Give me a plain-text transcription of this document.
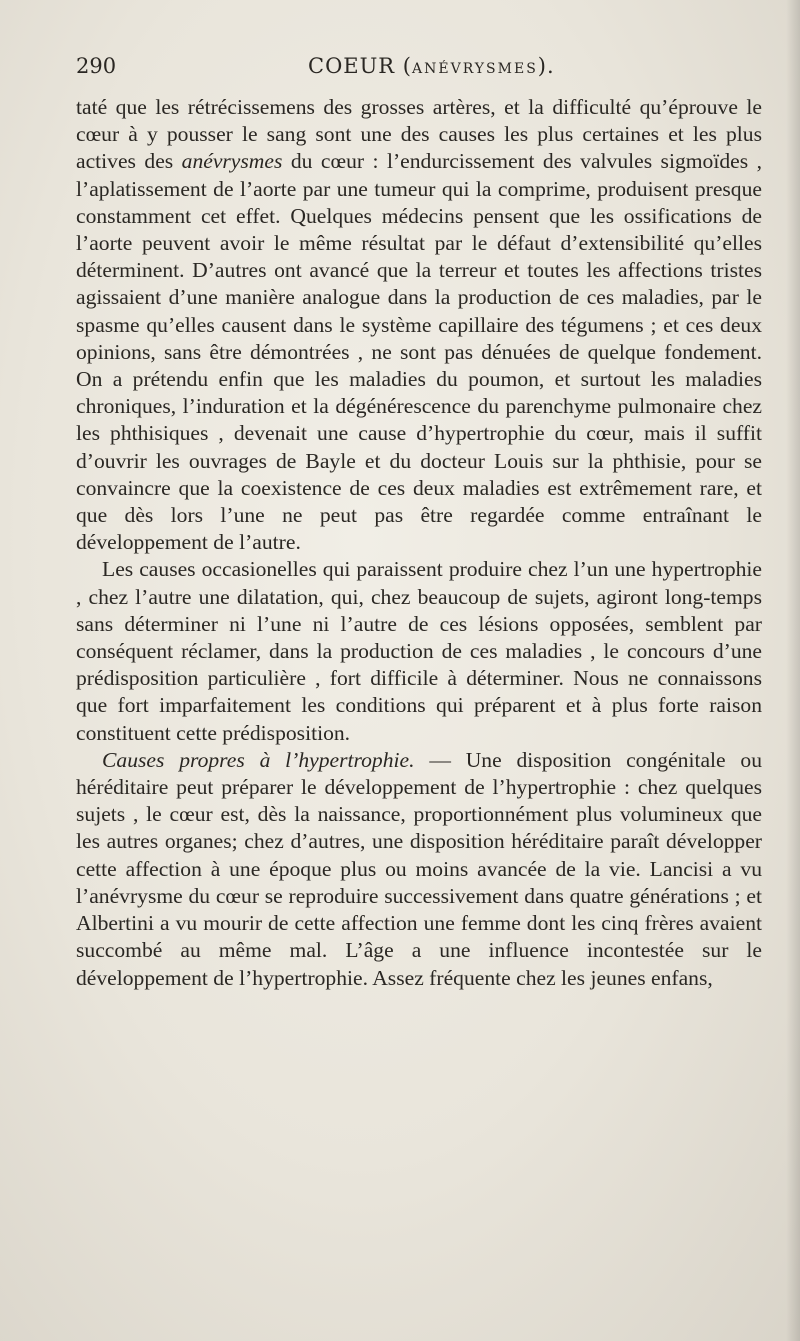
290	COEUR (ANÉVRYSMES).

taté que les rétrécissemens des grosses artères, et la difficulté qu’éprouve le cœur à y pousser le sang sont une des causes les plus certaines et les plus actives des anévrysmes du cœur : l’endurcissement des valvules sigmoïdes , l’aplatissement de l’aorte par une tumeur qui la comprime, produisent presque constamment cet effet. Quelques médecins pensent que les ossifications de l’aorte peuvent avoir le même résultat par le défaut d’extensibilité qu’elles déterminent. D’autres ont avancé que la terreur et toutes les affections tristes agissaient d’une manière analogue dans la production de ces maladies, par le spasme qu’elles causent dans le système capillaire des tégumens ; et ces deux opinions, sans être démontrées , ne sont pas dénuées de quelque fondement. On a prétendu enfin que les maladies du poumon, et surtout les maladies chroniques, l’induration et la dégénérescence du parenchyme pulmonaire chez les phthisiques , devenait une cause d’hypertrophie du cœur, mais il suffit d’ouvrir les ouvrages de Bayle et du docteur Louis sur la phthisie, pour se convaincre que la coexistence de ces deux maladies est extrêmement rare, et que dès lors l’une ne peut pas être regardée comme entraînant le développement de l’autre.

Les causes occasionelles qui paraissent produire chez l’un une hypertrophie , chez l’autre une dilatation, qui, chez beaucoup de sujets, agiront long-temps sans déterminer ni l’une ni l’autre de ces lésions opposées, semblent par conséquent réclamer, dans la production de ces maladies , le concours d’une prédisposition particulière , fort difficile à déterminer. Nous ne connaissons que fort imparfaitement les conditions qui préparent et à plus forte raison constituent cette prédisposition.

Causes propres à l’hypertrophie. — Une disposition congénitale ou héréditaire peut préparer le développement de l’hypertrophie : chez quelques sujets , le cœur est, dès la naissance, proportionnément plus volumineux que les autres organes; chez d’autres, une disposition héréditaire paraît développer cette affection à une époque plus ou moins avancée de la vie. Lancisi a vu l’anévrysme du cœur se reproduire successivement dans quatre générations ; et Albertini a vu mourir de cette affection une femme dont les cinq frères avaient succombé au même mal. L’âge a une influence incontestée sur le développement de l’hypertrophie. Assez fréquente chez les jeunes enfans,
